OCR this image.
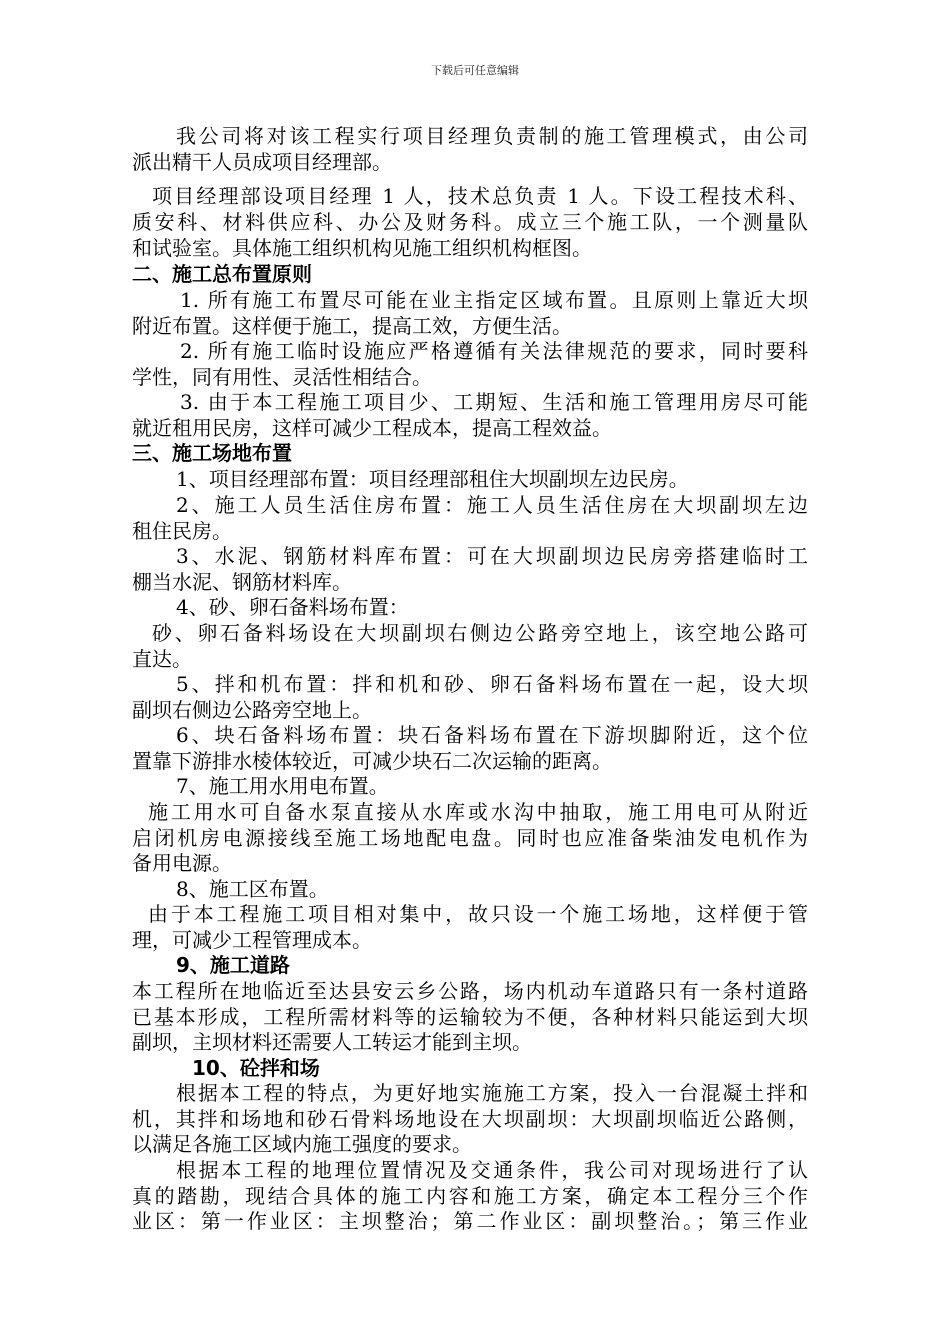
下载后可任意编辑
我公司将对该工程实行项目经理负责制的施工管理模式，由公司
派出精干人员成项目经理部。
项目经理部设项目经理 1 人，技术总负责 1 人。下设工程技术科、
质安科、材料供应科、办公及财务科。成立三个施工队，一个测量队
和试验室。具体施工组织机构见施工组织机构框图。
二、施工总布置原则
1. 所有施工布置尽可能在业主指定区域布置。且原则上靠近大坝
附近布置。这样便于施工，提高工效，方便生活。
2. 所有施工临时设施应严格遵循有关法律规范的要求，同时要科
学性，同有用性、灵活性相结合。
3. 由于本工程施工项目少、工期短、生活和施工管理用房尽可能
就近租用民房，这样可减少工程成本，提高工程效益。
三、施工场地布置
1、项目经理部布置：项目经理部租住大坝副坝左边民房。
2、施工人员生活住房布置：施工人员生活住房在大坝副坝左边
租住民房。
3、水泥、钢筋材料库布置：可在大坝副坝边民房旁搭建临时工
棚当水泥、钢筋材料库。
4、砂、卵石备料场布置：
砂、卵石备料场设在大坝副坝右侧边公路旁空地上，该空地公路可
直达。
5、拌和机布置：拌和机和砂、卵石备料场布置在一起，设大坝
副坝右侧边公路旁空地上。
6、块石备料场布置：块石备料场布置在下游坝脚附近，这个位
置靠下游排水棱体较近，可减少块石二次运输的距离。
7、施工用水用电布置。
施工用水可自备水泵直接从水库或水沟中抽取，施工用电可从附近
启闭机房电源接线至施工场地配电盘。同时也应准备柴油发电机作为
备用电源。
8、施工区布置。
由于本工程施工项目相对集中，故只设一个施工场地，这样便于管
理，可减少工程管理成本。
9、施工道路
本工程所在地临近至达县安云乡公路，场内机动车道路只有一条村道路
已基本形成，工程所需材料等的运输较为不便，各种材料只能运到大坝
副坝，主坝材料还需要人工转运才能到主坝。
10、砼拌和场
根据本工程的特点，为更好地实施施工方案，投入一台混凝土拌和
机，其拌和场地和砂石骨料场地设在大坝副坝：大坝副坝临近公路侧，
以满足各施工区域内施工强度的要求。
根据本工程的地理位置情况及交通条件，我公司对现场进行了认
真的踏勘，现结合具体的施工内容和施工方案，确定本工程分三个作
业区：第一作业区：主坝整治；第二作业区：副坝整治。；第三作业
